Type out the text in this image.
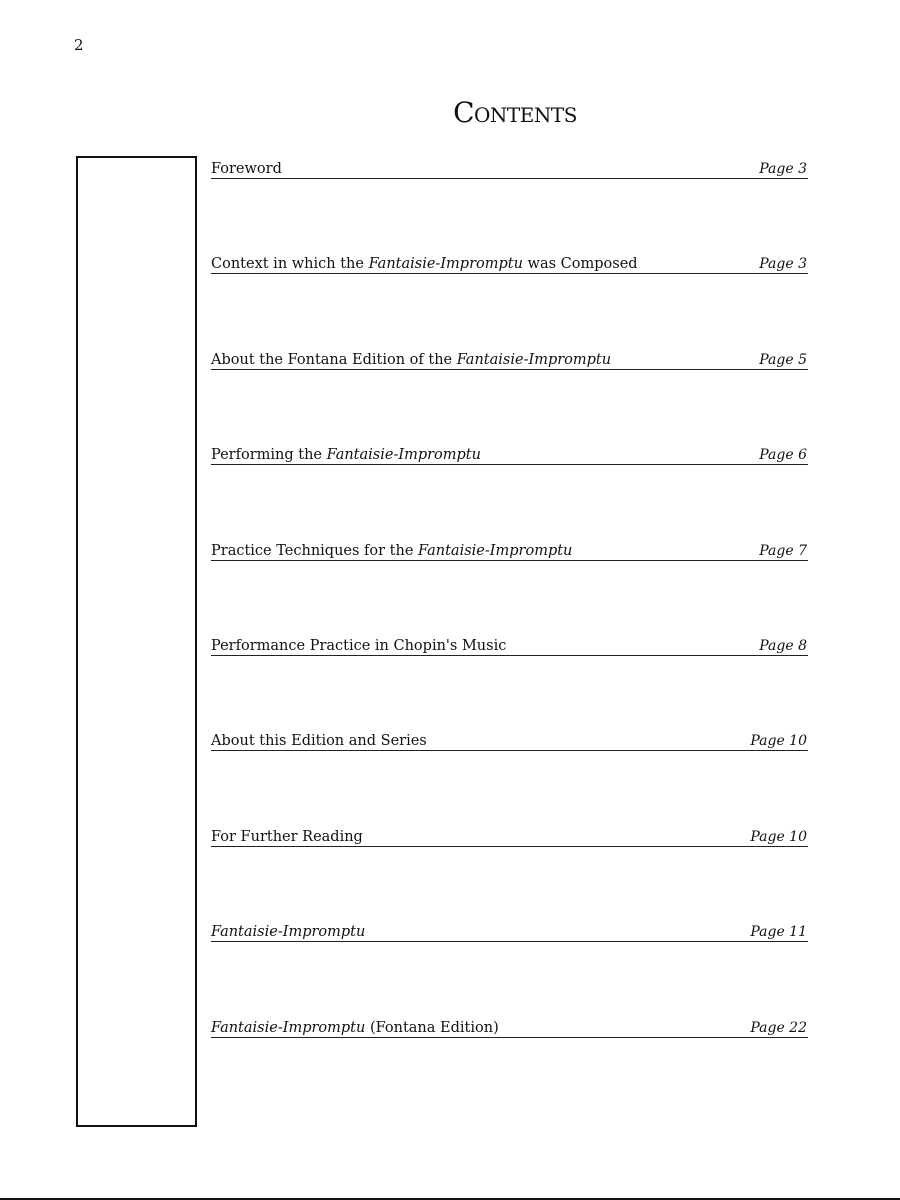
2
Contents
Foreword	Page 3
Context in which the Fantaisie-Impromptu was Composed	Page 3
About the Fontana Edition of the Fantaisie-Impromptu	Page 5
Performing the Fantaisie-Impromptu	Page 6
Practice Techniques for the Fantaisie-Impromptu	Page 7
Performance Practice in Chopin's Music	Page 8
About this Edition and Series	Page 10
For Further Reading	Page 10
Fantaisie-Impromptu	Page 11
Fantaisie-Impromptu (Fontana Edition)	Page 22
